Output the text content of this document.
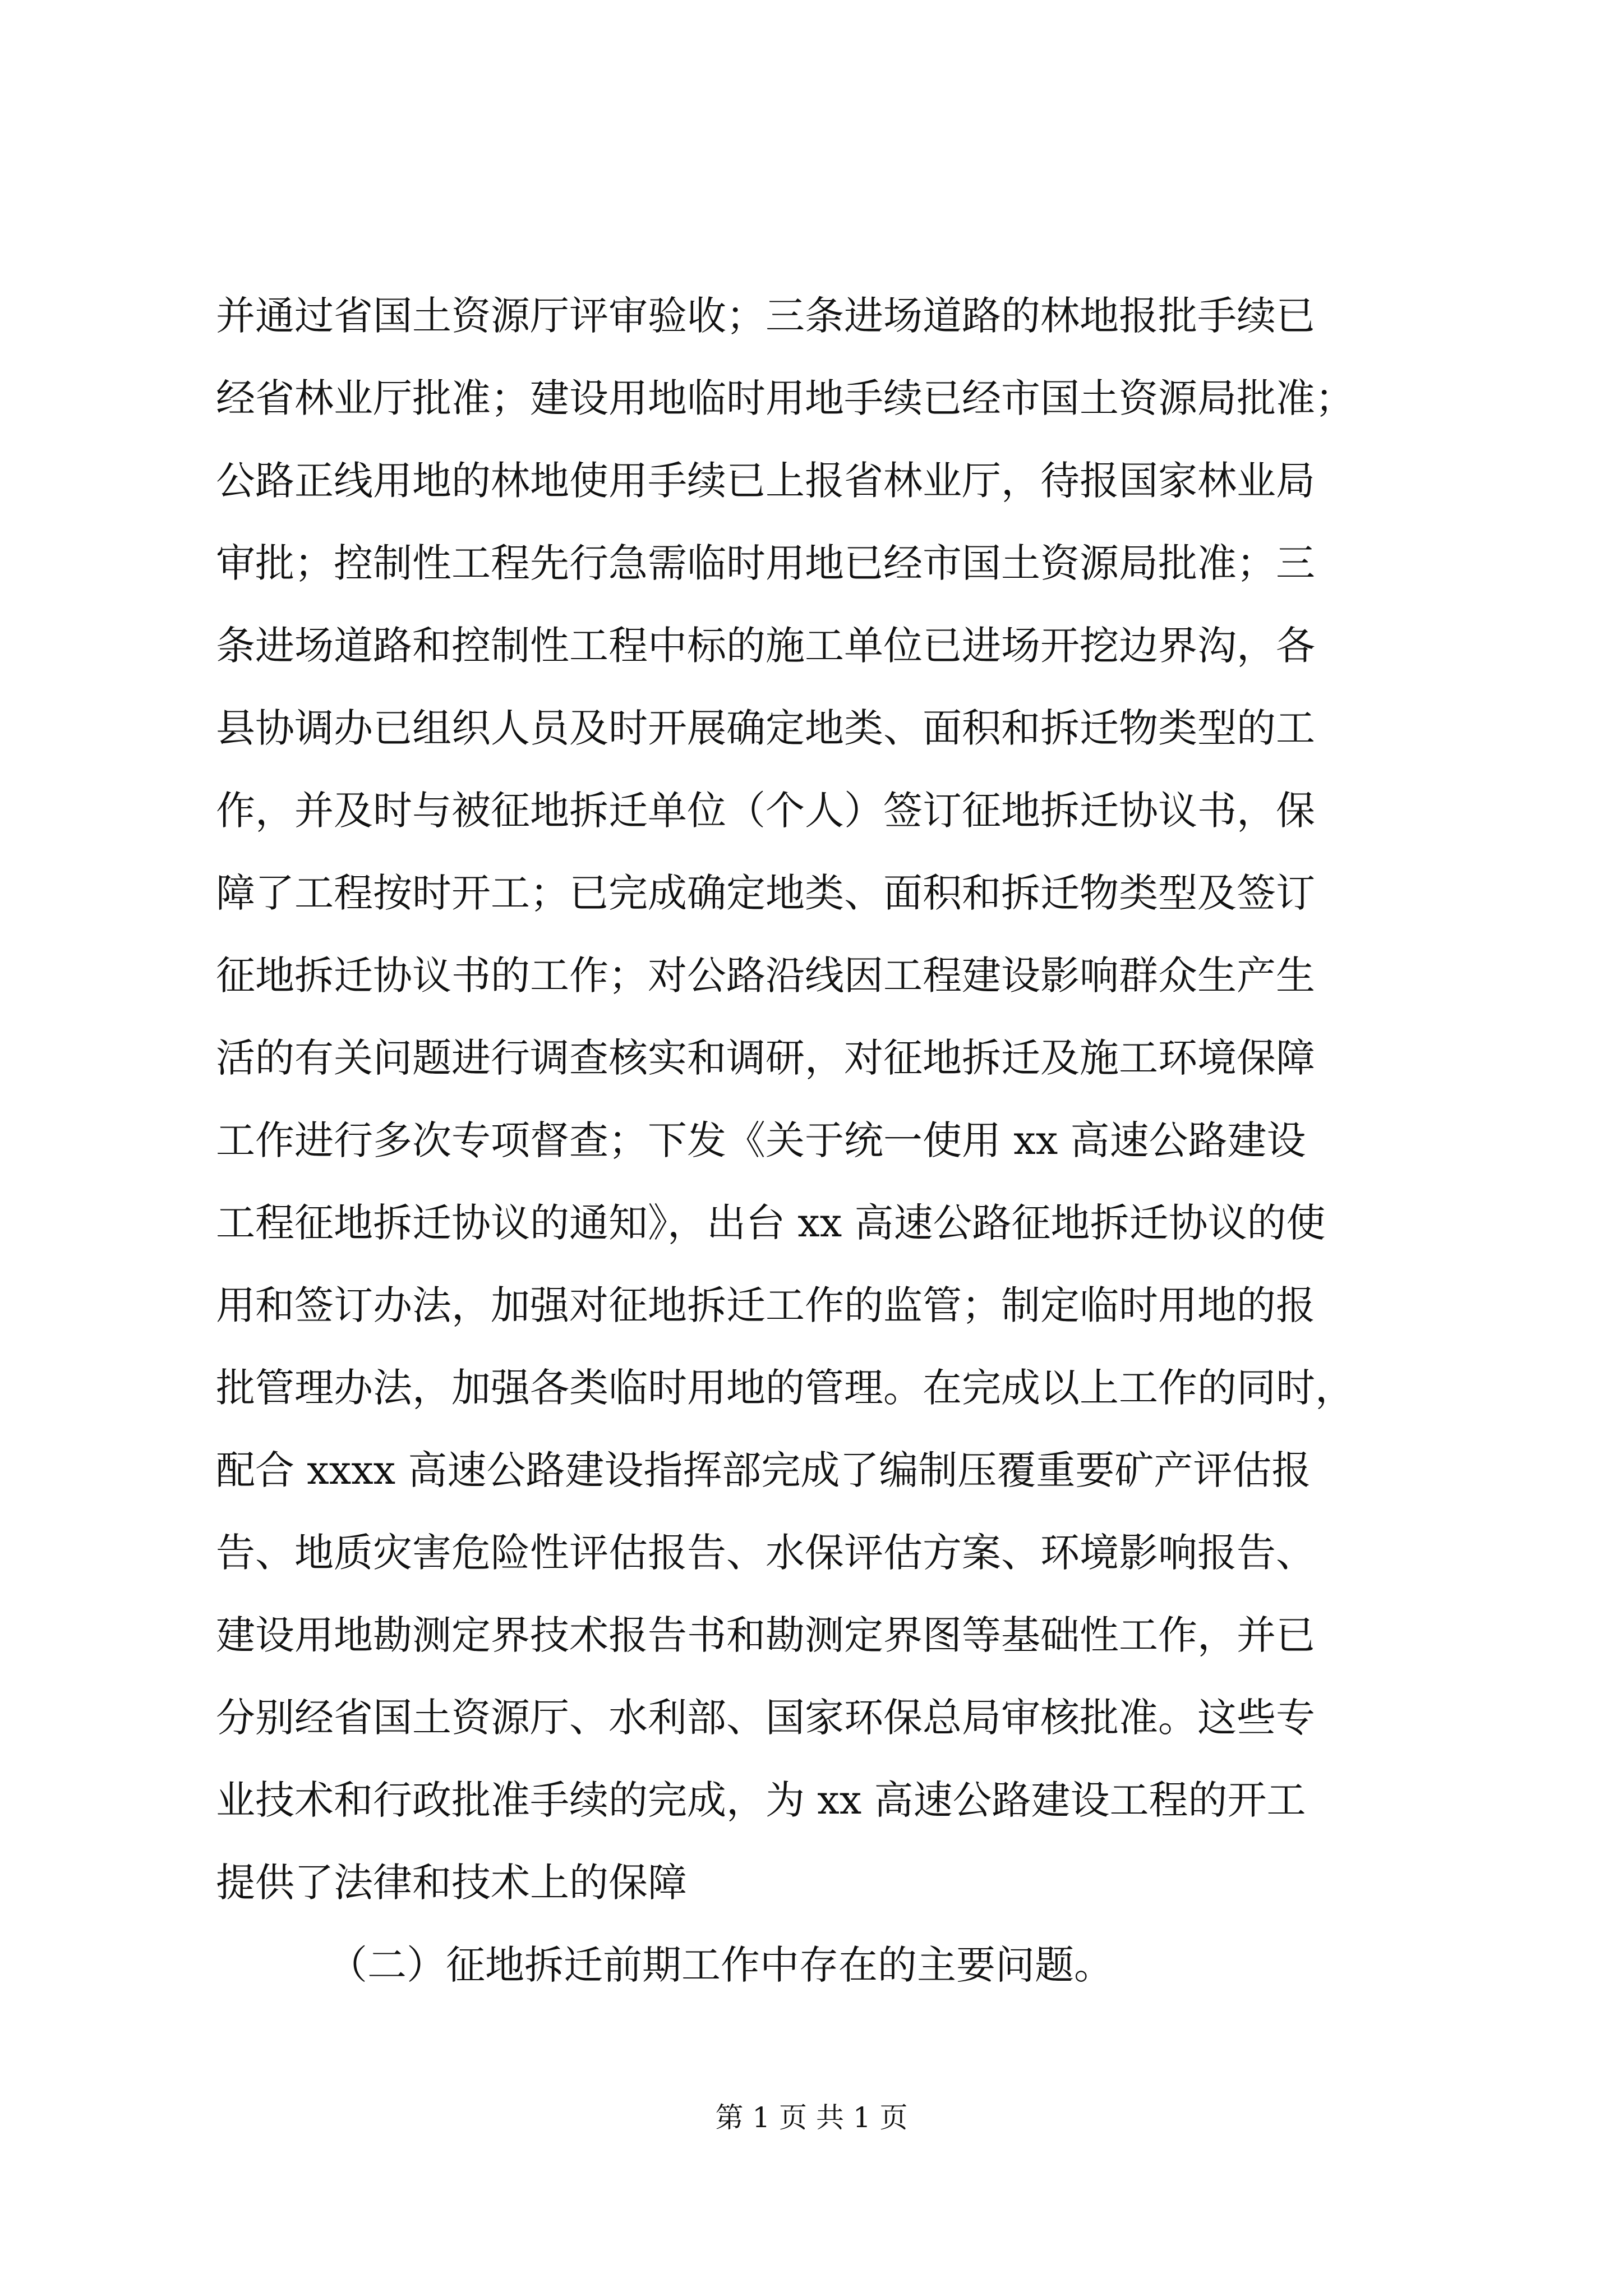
并通过省国土资源厅评审验收；三条进场道路的林地报批手续已
经省林业厅批准；建设用地临时用地手续已经市国土资源局批准；
公路正线用地的林地使用手续已上报省林业厅，待报国家林业局
审批；控制性工程先行急需临时用地已经市国土资源局批准；三
条进场道路和控制性工程中标的施工单位已进场开挖边界沟，各
县协调办已组织人员及时开展确定地类、面积和拆迁物类型的工
作，并及时与被征地拆迁单位（个人）签订征地拆迁协议书，保
障了工程按时开工；已完成确定地类、面积和拆迁物类型及签订
征地拆迁协议书的工作；对公路沿线因工程建设影响群众生产生
活的有关问题进行调查核实和调研，对征地拆迁及施工环境保障
工作进行多次专项督查；下发《关于统一使用 xx 高速公路建设
工程征地拆迁协议的通知》，出台 xx 高速公路征地拆迁协议的使
用和签订办法，加强对征地拆迁工作的监管；制定临时用地的报
批管理办法，加强各类临时用地的管理。在完成以上工作的同时，
配合 xxxx 高速公路建设指挥部完成了编制压覆重要矿产评估报
告、地质灾害危险性评估报告、水保评估方案、环境影响报告、
建设用地勘测定界技术报告书和勘测定界图等基础性工作，并已
分别经省国土资源厅、水利部、国家环保总局审核批准。这些专
业技术和行政批准手续的完成，为 xx 高速公路建设工程的开工
提供了法律和技术上的保障
（二）征地拆迁前期工作中存在的主要问题。
第 1 页 共 1 页
